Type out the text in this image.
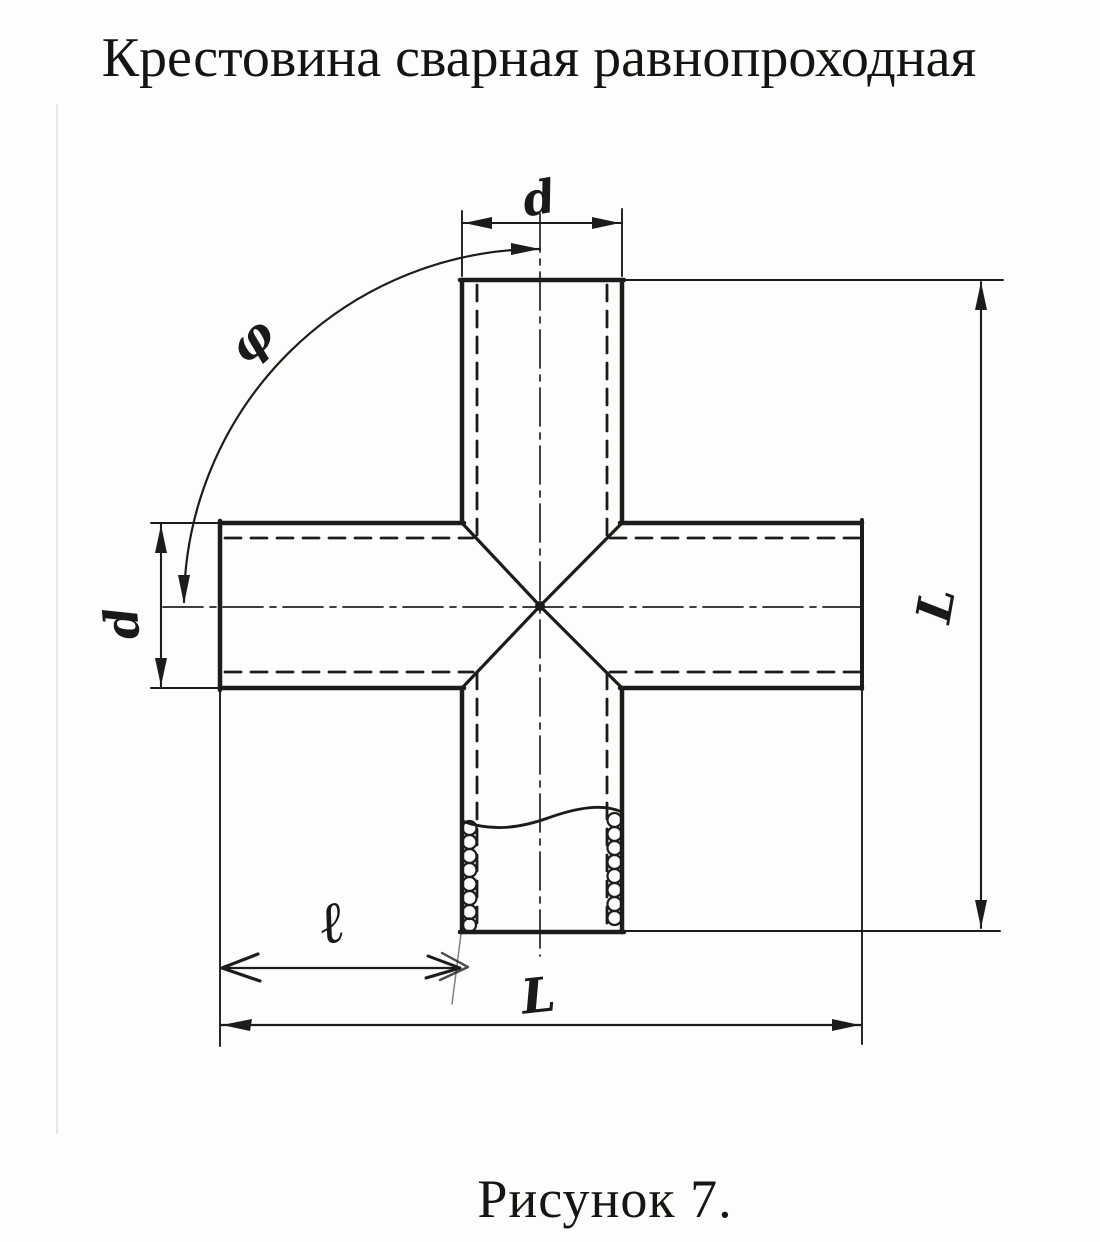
Крестовина сварная равнопроходная
d
d	L
ℓ
L
φ
Рисунок 7.
